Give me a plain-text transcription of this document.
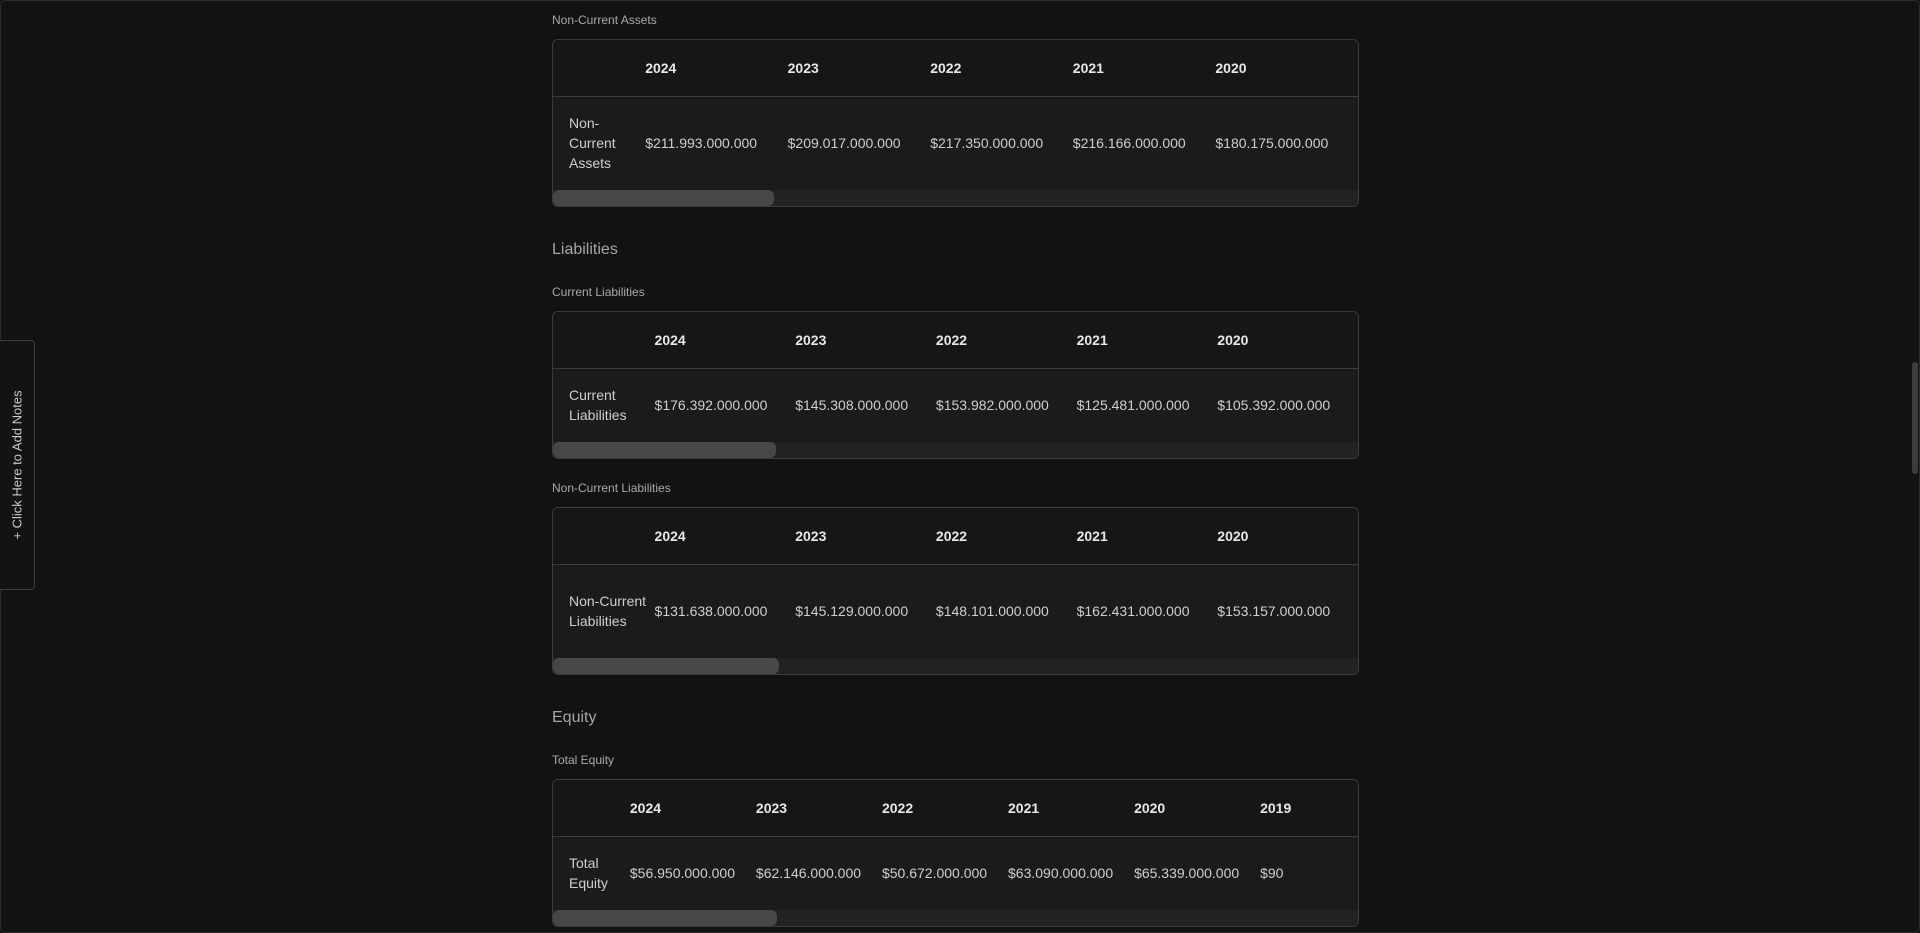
+ Click Here to Add Notes
Non-Current Assets
	2024	2023	2022	2021	2020
Non-Current Assets	$211.993.000.000	$209.017.000.000	$217.350.000.000	$216.166.000.000	$180.175.000.000
Liabilities
Current Liabilities
	2024	2023	2022	2021	2020
Current Liabilities	$176.392.000.000	$145.308.000.000	$153.982.000.000	$125.481.000.000	$105.392.000.000
Non-Current Liabilities
	2024	2023	2022	2021	2020
Non-Current Liabilities	$131.638.000.000	$145.129.000.000	$148.101.000.000	$162.431.000.000	$153.157.000.000
Equity
Total Equity
	2024	2023	2022	2021	2020	2019
Total Equity	$56.950.000.000	$62.146.000.000	$50.672.000.000	$63.090.000.000	$65.339.000.000	$90
